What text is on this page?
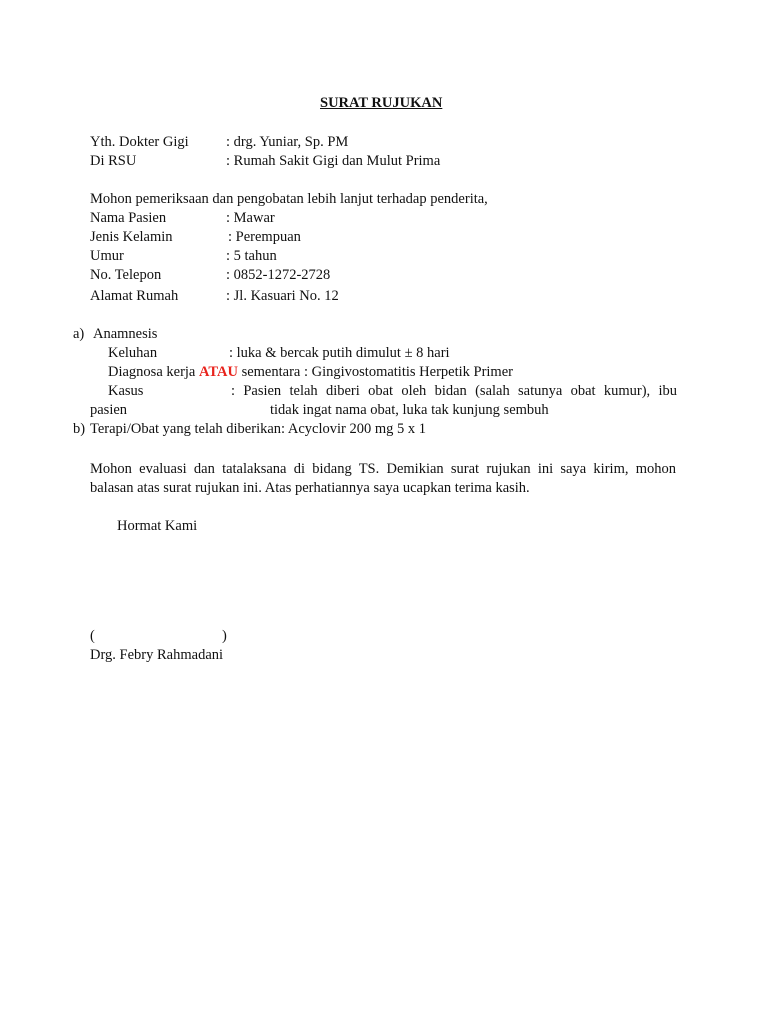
SURAT RUJUKAN
Yth. Dokter Gigi	: drg. Yuniar, Sp. PM
Di RSU	: Rumah Sakit Gigi dan Mulut Prima
Mohon pemeriksaan dan pengobatan lebih lanjut terhadap penderita,
Nama Pasien	: Mawar
Jenis Kelamin	: Perempuan
Umur	: 5 tahun
No. Telepon	: 0852-1272-2728
Alamat Rumah	: Jl. Kasuari No. 12
a) Anamnesis
Keluhan	: luka & bercak putih dimulut ± 8 hari
Diagnosa kerja ATAU sementara : Gingivostomatitis Herpetik Primer
Kasus	: Pasien telah diberi obat oleh bidan (salah satunya obat kumur), ibu
pasien	tidak ingat nama obat, luka tak kunjung sembuh
b) Terapi/Obat yang telah diberikan: Acyclovir 200 mg 5 x 1
Mohon evaluasi dan tatalaksana di bidang TS. Demikian surat rujukan ini saya kirim, mohon
balasan atas surat rujukan ini. Atas perhatiannya saya ucapkan terima kasih.
Hormat Kami
(	)
Drg. Febry Rahmadani
